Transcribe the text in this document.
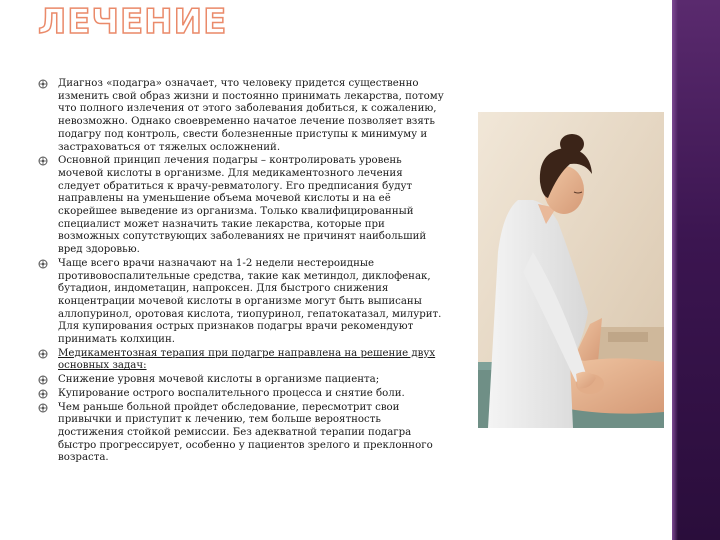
ЛЕЧЕНИЕ
Диагноз «подагра» означает, что человеку придется существенно изменить свой образ жизни и постоянно принимать лекарства, потому что полного излечения от этого заболевания добиться, к сожалению, невозможно. Однако своевременно начатое лечение позволяет взять подагру под контроль, свести болезненные приступы к минимуму и застраховаться от тяжелых осложнений.
Основной принцип лечения подагры – контролировать уровень мочевой кислоты в организме. Для медикаментозного лечения следует обратиться к врачу-ревматологу. Его предписания будут направлены на уменьшение объема мочевой кислоты и на её скорейшее выведение из организма. Только квалифицированный специалист может назначить такие лекарства, которые при возможных сопутствующих заболеваниях не причинят наибольший вред здоровью.
Чаще всего врачи назначают на 1-2 недели нестероидные противовоспалительные средства, такие как метиндол, диклофенак, бутадион, индометацин, напроксен. Для быстрого снижения концентрации мочевой кислоты в организме могут быть выписаны аллопуринол, оротовая кислота, тиопуринол, гепатокатазал, милурит. Для купирования острых признаков подагры врачи рекомендуют принимать колхицин.
Медикаментозная терапия при подагре направлена на решение двух основных задач:
Снижение уровня мочевой кислоты в организме пациента;
Купирование острого воспалительного процесса и снятие боли.
Чем раньше больной пройдет обследование, пересмотрит свои привычки и приступит к лечению, тем больше вероятность достижения стойкой ремиссии. Без адекватной терапии подагра быстро прогрессирует, особенно у пациентов зрелого и преклонного возраста.
